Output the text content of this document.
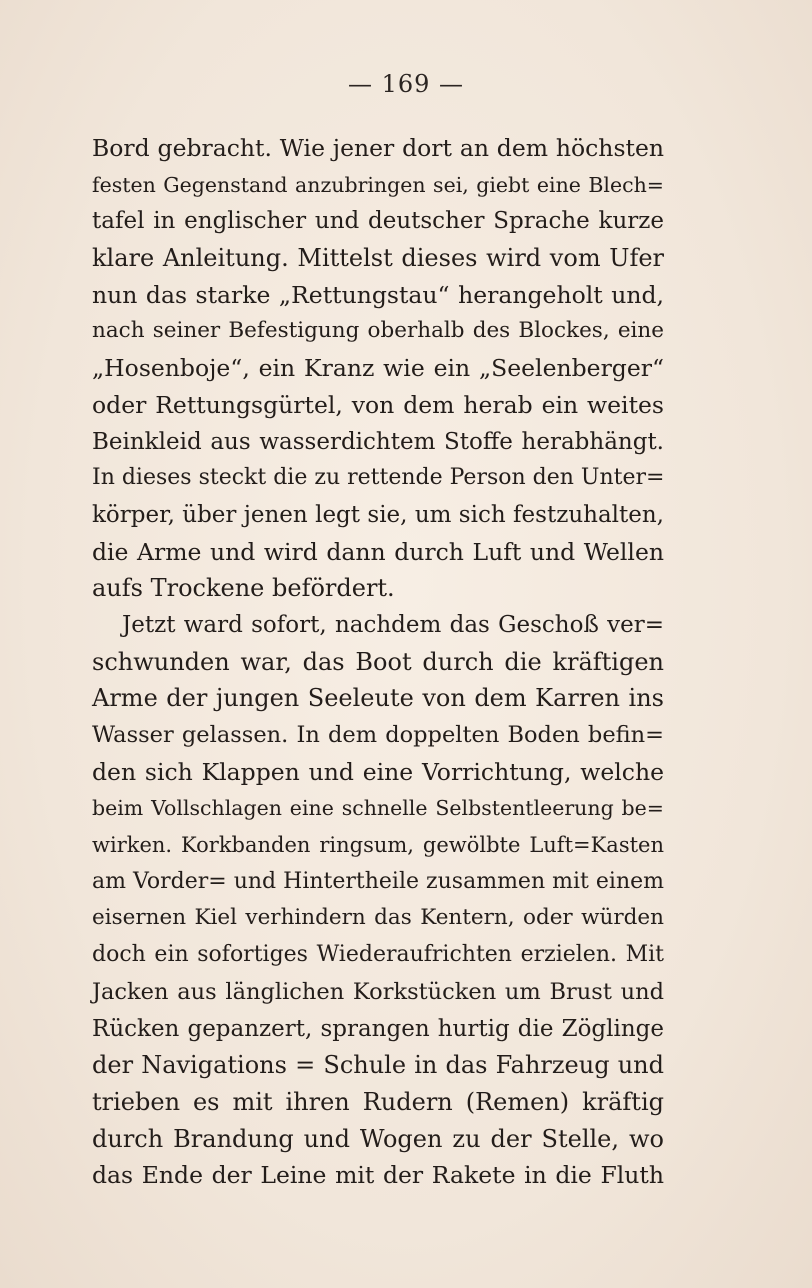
— 169 —
Bord gebracht. Wie jener dort an dem höchsten
festen Gegenstand anzubringen sei, giebt eine Blech=
tafel in englischer und deutscher Sprache kurze
klare Anleitung. Mittelst dieses wird vom Ufer
nun das starke „Rettungstau“ herangeholt und,
nach seiner Befestigung oberhalb des Blockes, eine
„Hosenboje“, ein Kranz wie ein „Seelenberger“
oder Rettungsgürtel, von dem herab ein weites
Beinkleid aus wasserdichtem Stoffe herabhängt.
In dieses steckt die zu rettende Person den Unter=
körper, über jenen legt sie, um sich festzuhalten,
die Arme und wird dann durch Luft und Wellen
aufs Trockene befördert.
Jetzt ward sofort, nachdem das Geschoß ver=
schwunden war, das Boot durch die kräftigen
Arme der jungen Seeleute von dem Karren ins
Wasser gelassen. In dem doppelten Boden befin=
den sich Klappen und eine Vorrichtung, welche
beim Vollschlagen eine schnelle Selbstentleerung be=
wirken. Korkbanden ringsum, gewölbte Luft=Kasten
am Vorder= und Hintertheile zusammen mit einem
eisernen Kiel verhindern das Kentern, oder würden
doch ein sofortiges Wiederaufrichten erzielen. Mit
Jacken aus länglichen Korkstücken um Brust und
Rücken gepanzert, sprangen hurtig die Zöglinge
der Navigations = Schule in das Fahrzeug und
trieben es mit ihren Rudern (Remen) kräftig
durch Brandung und Wogen zu der Stelle, wo
das Ende der Leine mit der Rakete in die Fluth
